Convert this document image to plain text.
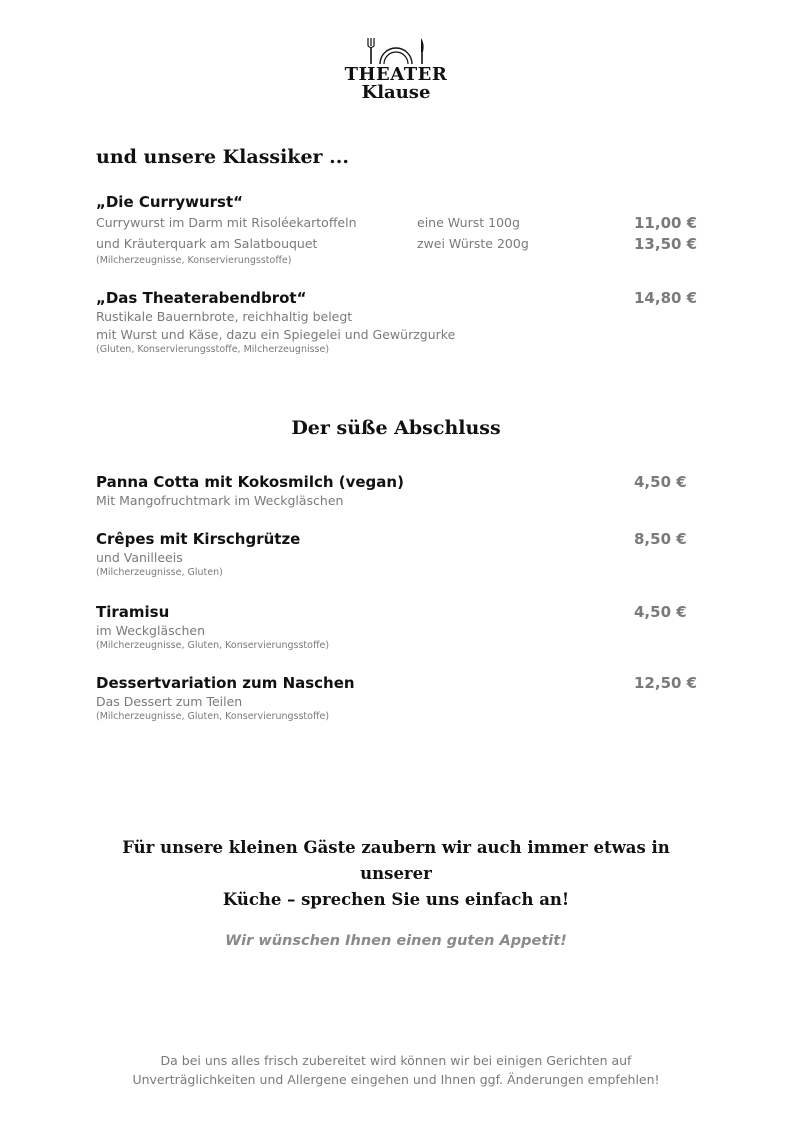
THEATER
Klause
und unsere Klassiker ...
„Die Currywurst“
Currywurst im Darm mit Risoléekartoffeln	eine Wurst 100g	11,00 €
und Kräuterquark am Salatbouquet	zwei Würste 200g	13,50 €
(Milcherzeugnisse, Konservierungsstoffe)
„Das Theaterabendbrot“	14,80 €
Rustikale Bauernbrote, reichhaltig belegt
mit Wurst und Käse, dazu ein Spiegelei und Gewürzgurke
(Gluten, Konservierungsstoffe, Milcherzeugnisse)
Der süße Abschluss
Panna Cotta mit Kokosmilch (vegan)	4,50 €
Mit Mangofruchtmark im Weckgläschen
Crêpes mit Kirschgrütze	8,50 €
und Vanilleeis
(Milcherzeugnisse, Gluten)
Tiramisu	4,50 €
im Weckgläschen
(Milcherzeugnisse, Gluten, Konservierungsstoffe)
Dessertvariation zum Naschen	12,50 €
Das Dessert zum Teilen
(Milcherzeugnisse, Gluten, Konservierungsstoffe)
Für unsere kleinen Gäste zaubern wir auch immer etwas in unserer
Küche – sprechen Sie uns einfach an!
Wir wünschen Ihnen einen guten Appetit!
Da bei uns alles frisch zubereitet wird können wir bei einigen Gerichten auf
Unverträglichkeiten und Allergene eingehen und Ihnen ggf. Änderungen empfehlen!
